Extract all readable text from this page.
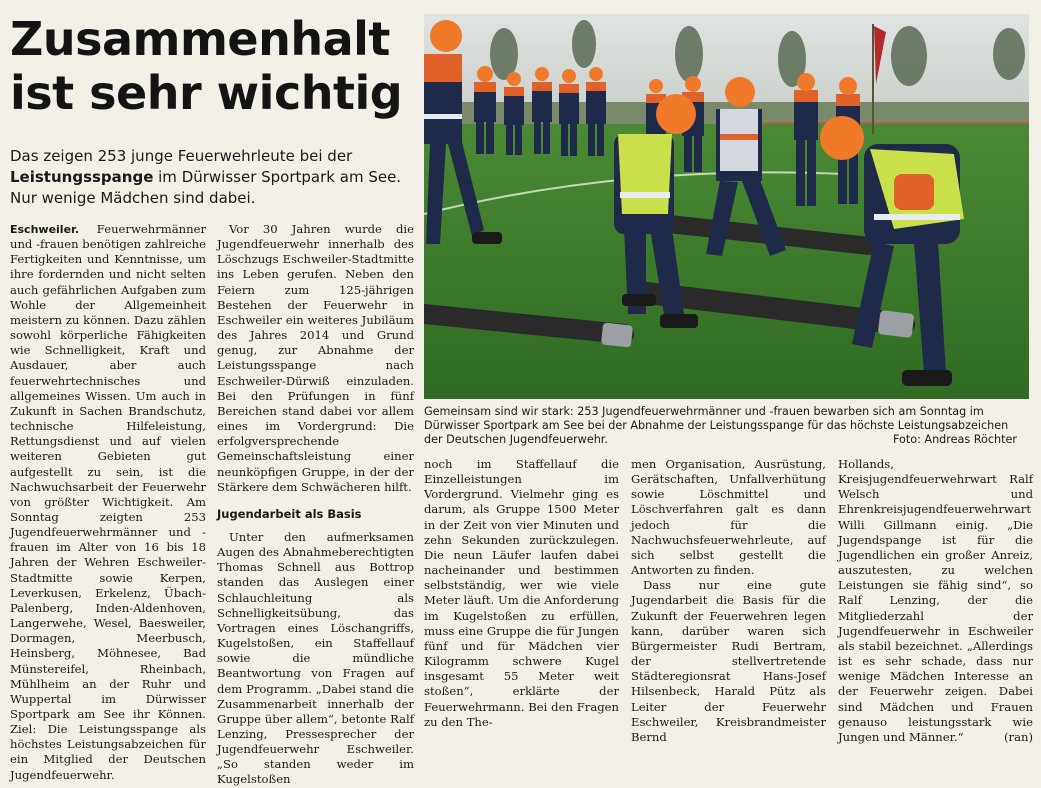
Zusammenhalt
ist sehr wichtig
Das zeigen 253 junge Feuerwehrleute bei der Leistungsspange im Dürwisser Sportpark am See. Nur wenige Mädchen sind dabei.

Eschweiler. Feuerwehrmänner und -frauen benötigen zahlreiche Fertigkeiten und Kenntnisse, um ihre fordernden und nicht selten auch gefährlichen Aufgaben zum Wohle der Allgemeinheit meistern zu können. Dazu zählen sowohl körperliche Fähigkeiten wie Schnelligkeit, Kraft und Ausdauer, aber auch feuerwehrtechnisches und allgemeines Wissen. Um auch in Zukunft in Sachen Brandschutz, technische Hilfeleistung, Rettungsdienst und auf vielen weiteren Gebieten gut aufgestellt zu sein, ist die Nachwuchsarbeit der Feuerwehr von größter Wichtigkeit. Am Sonntag zeigten 253 Jugendfeuerwehrmänner und -frauen im Alter von 16 bis 18 Jahren der Wehren Eschweiler-Stadtmitte sowie Kerpen, Leverkusen, Erkelenz, Übach-Palenberg, Inden-Aldenhoven, Langerwehe, Wesel, Baesweiler, Dormagen, Meerbusch, Heinsberg, Möhnesee, Bad Münstereifel, Rheinbach, Mühlheim an der Ruhr und Wuppertal im Dürwisser Sportpark am See ihr Können. Ziel: Die Leistungsspange als höchstes Leistungsabzeichen für ein Mitglied der Deutschen Jugendfeuerwehr.

Vor 30 Jahren wurde die Jugendfeuerwehr innerhalb des Löschzugs Eschweiler-Stadtmitte ins Leben gerufen. Neben den Feiern zum 125-jährigen Bestehen der Feuerwehr in Eschweiler ein weiteres Jubiläum des Jahres 2014 und Grund genug, zur Abnahme der Leistungsspange nach Eschweiler-Dürwiß einzuladen. Bei den Prüfungen in fünf Bereichen stand dabei vor allem eines im Vordergrund: Die erfolgversprechende Gemeinschaftsleistung einer neunköpfigen Gruppe, in der der Stärkere dem Schwächeren hilft.

Jugendarbeit als Basis

Unter den aufmerksamen Augen des Abnahmeberechtigten Thomas Schnell aus Bottrop standen das Auslegen einer Schlauchleitung als Schnelligkeitsübung, das Vortragen eines Löschangriffs, Kugelstoßen, ein Staffellauf sowie die mündliche Beantwortung von Fragen auf dem Programm. „Dabei stand die Zusammenarbeit innerhalb der Gruppe über allem“, betonte Ralf Lenzing, Pressesprecher der Jugendfeuerwehr Eschweiler. „So standen weder im Kugelstoßen

Gemeinsam sind wir stark: 253 Jugendfeuerwehrmänner und -frauen bewarben sich am Sonntag im Dürwisser Sportpark am See bei der Abnahme der Leistungsspange für das höchste Leistungsabzeichen der Deutschen Jugendfeuerwehr.	Foto: Andreas Röchter

noch im Staffellauf die Einzelleistungen im Vordergrund. Vielmehr ging es darum, als Gruppe 1500 Meter in der Zeit von vier Minuten und zehn Sekunden zurückzulegen. Die neun Läufer laufen dabei nacheinander und bestimmen selbstständig, wer wie viele Meter läuft. Um die Anforderung im Kugelstoßen zu erfüllen, muss eine Gruppe die für Jungen fünf und für Mädchen vier Kilogramm schwere Kugel insgesamt 55 Meter weit stoßen“, erklärte der Feuerwehrmann. Bei den Fragen zu den The-

men Organisation, Ausrüstung, Gerätschaften, Unfallverhütung sowie Löschmittel und Löschverfahren galt es dann jedoch für die Nachwuchsfeuerwehrleute, auf sich selbst gestellt die Antworten zu finden.

Dass nur eine gute Jugendarbeit die Basis für die Zukunft der Feuerwehren legen kann, darüber waren sich Bürgermeister Rudi Bertram, der stellvertretende Städteregionsrat Hans-Josef Hilsenbeck, Harald Pütz als Leiter der Feuerwehr Eschweiler, Kreisbrandmeister Bernd

Hollands, Kreisjugendfeuerwehrwart Ralf Welsch und Ehrenkreisjugendfeuerwehrwart Willi Gillmann einig. „Die Jugendspange ist für die Jugendlichen ein großer Anreiz, auszutesten, zu welchen Leistungen sie fähig sind“, so Ralf Lenzing, der die Mitgliederzahl der Jugendfeuerwehr in Eschweiler als stabil bezeichnet. „Allerdings ist es sehr schade, dass nur wenige Mädchen Interesse an der Feuerwehr zeigen. Dabei sind Mädchen und Frauen genauso leistungsstark wie Jungen und Männer.“	(ran)
